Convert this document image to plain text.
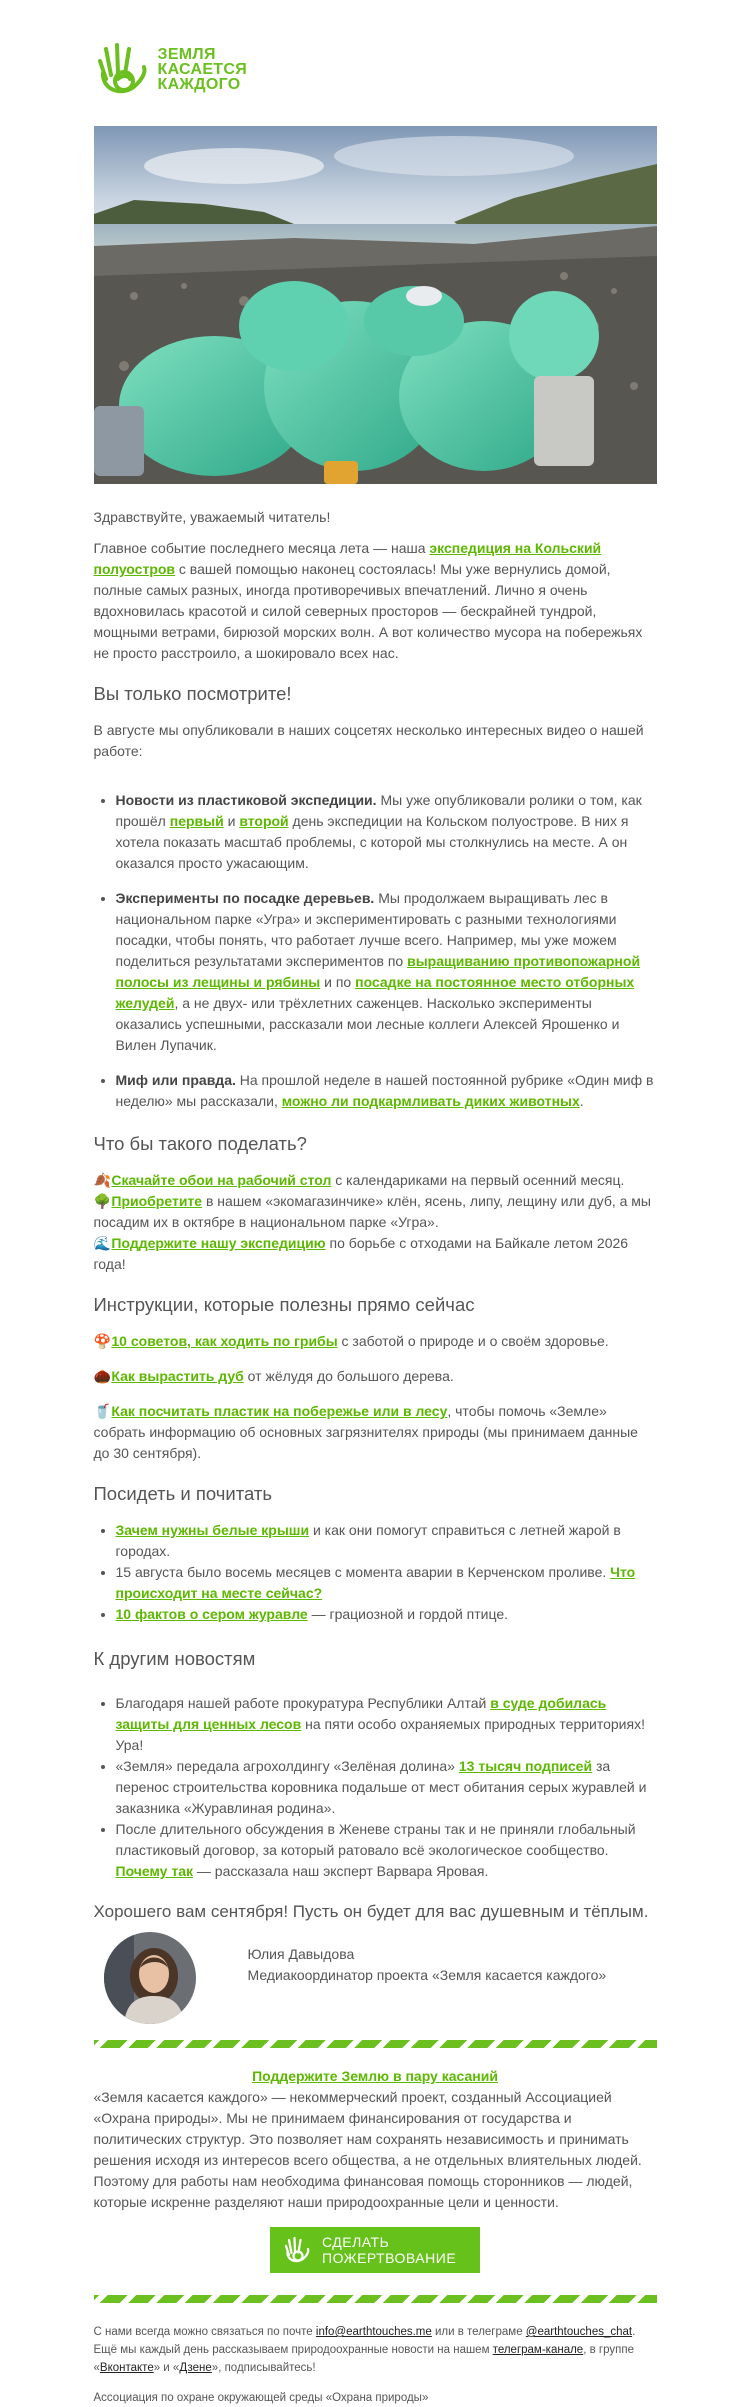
ЗЕМЛЯ
КАСАЕТСЯ
КАЖДОГО

Здравствуйте, уважаемый читатель!

Главное событие последнего месяца лета — наша экспедиция на Кольский полуостров с вашей помощью наконец состоялась! Мы уже вернулись домой, полные самых разных, иногда противоречивых впечатлений. Лично я очень вдохновилась красотой и силой северных просторов — бескрайней тундрой, мощными ветрами, бирюзой морских волн. А вот количество мусора на побережьях не просто расстроило, а шокировало всех нас.

Вы только посмотрите!

В августе мы опубликовали в наших соцсетях несколько интересных видео о нашей работе:

• Новости из пластиковой экспедиции. Мы уже опубликовали ролики о том, как прошёл первый и второй день экспедиции на Кольском полуострове. В них я хотела показать масштаб проблемы, с которой мы столкнулись на месте. А он оказался просто ужасающим.
• Эксперименты по посадке деревьев. Мы продолжаем выращивать лес в национальном парке «Угра» и экспериментировать с разными технологиями посадки, чтобы понять, что работает лучше всего. Например, мы уже можем поделиться результатами экспериментов по выращиванию противопожарной полосы из лещины и рябины и по посадке на постоянное место отборных желудей, а не двух- или трёхлетних саженцев. Насколько эксперименты оказались успешными, рассказали мои лесные коллеги Алексей Ярошенко и Вилен Лупачик.
• Миф или правда. На прошлой неделе в нашей постоянной рубрике «Один миф в неделю» мы рассказали, можно ли подкармливать диких животных.
Что бы такого поделать?

🍂 Скачайте обои на рабочий стол с календариками на первый осенний месяц.
🌳 Приобретите в нашем «экомагазинчике» клён, ясень, липу, лещину или дуб, а мы посадим их в октябре в национальном парке «Угра».
🌊 Поддержите нашу экспедицию по борьбе с отходами на Байкале летом 2026 года!

Инструкции, которые полезны прямо сейчас

🍄 10 советов, как ходить по грибы с заботой о природе и о своём здоровье.

🌰 Как вырастить дуб от жёлудя до большого дерева.

🥤 Как посчитать пластик на побережье или в лесу, чтобы помочь «Земле» собрать информацию об основных загрязнителях природы (мы принимаем данные до 30 сентября).

Посидеть и почитать
• Зачем нужны белые крыши и как они помогут справиться с летней жарой в городах.
• 15 августа было восемь месяцев с момента аварии в Керченском проливе. Что происходит на месте сейчас?
• 10 фактов о сером журавле — грациозной и гордой птице.
К другим новостям
• Благодаря нашей работе прокуратура Республики Алтай в суде добилась защиты для ценных лесов на пяти особо охраняемых природных территориях! Ура!
• «Земля» передала агрохолдингу «Зелёная долина» 13 тысяч подписей за перенос строительства коровника подальше от мест обитания серых журавлей и заказника «Журавлиная родина».
• После длительного обсуждения в Женеве страны так и не приняли глобальный пластиковый договор, за который ратовало всё экологическое сообщество. Почему так — рассказала наш эксперт Варвара Яровая.
Хорошего вам сентября! Пусть он будет для вас душевным и тёплым.

Юлия Давыдова

Медиакоординатор проекта «Земля касается каждого»

Поддержите Землю в пару касаний

«Земля касается каждого» — некоммерческий проект, созданный Ассоциацией «Охрана природы». Мы не принимаем финансирования от государства и политических структур. Это позволяет нам сохранять независимость и принимать решения исходя из интересов всего общества, а не отдельных влиятельных людей. Поэтому для работы нам необходима финансовая помощь сторонников — людей, которые искренне разделяют наши природоохранные цели и ценности.

СДЕЛАТЬ
ПОЖЕРТВОВАНИЕ

С нами всегда можно связаться по почте info@earthtouches.me или в телеграме @earthtouches_chat. Ещё мы каждый день рассказываем природоохранные новости на нашем телеграм-канале, в группе «Вконтакте» и «Дзене», подписывайтесь!

Ассоциация по охране окружающей среды «Охрана природы»
